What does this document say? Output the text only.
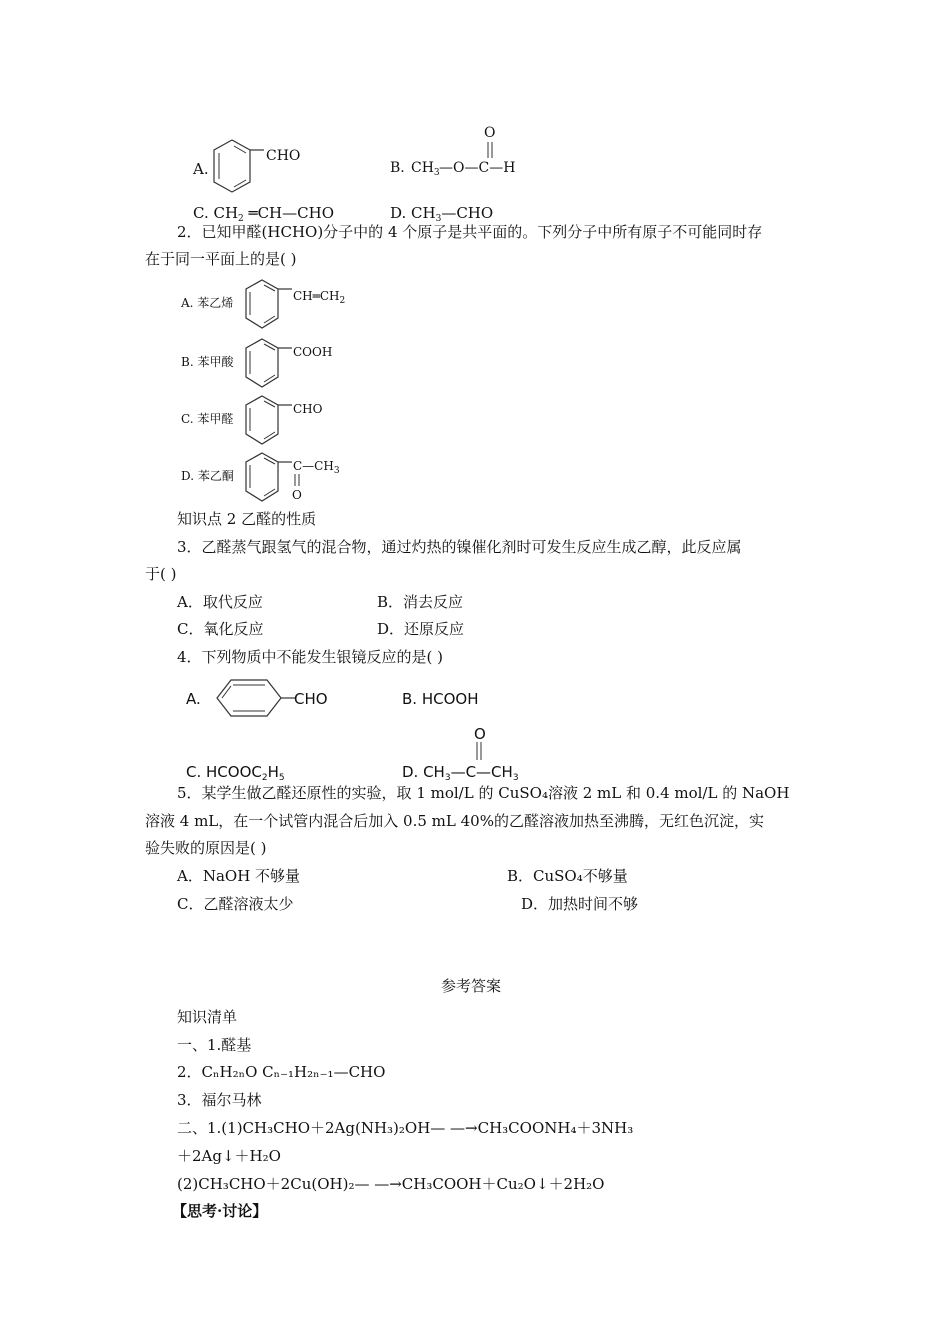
A.
CHO
B. $CH_3$ —O—C—H
O
C. $CH_2$ ═CH—CHO	D. $CH_3—CHO$
2．已知甲醛(HCHO)分子中的 4 个原子是共平面的。下列分子中所有原子不可能同时存
在于同一平面上的是( )
A. 苯乙烯	$CH═CH_2$
B. 苯甲酸
COOH
C. 苯甲醛
CHO
D. 苯乙酮
$C—CH_3$
O
知识点 2 乙醛的性质
3．乙醛蒸气跟氢气的混合物，通过灼热的镍催化剂时可发生反应生成乙醇，此反应属
于( )
A．取代反应	B．消去反应
C．氧化反应	D．还原反应
4．下列物质中不能发生银镜反应的是( )
A.	CHO	B. HCOOH
C. $HCOOC_2H_5$
O
D. $CH_3—C—CH_3$
5．某学生做乙醛还原性的实验，取 1 mol/L 的 CuSO₄溶液 2 mL 和 0.4 mol/L 的 NaOH
溶液 4 mL，在一个试管内混合后加入 0.5 mL 40%的乙醛溶液加热至沸腾，无红色沉淀，实
验失败的原因是( )
A．NaOH 不够量	B．CuSO₄不够量
C．乙醛溶液太少	D．加热时间不够
参考答案
知识清单
一、1.醛基
2．CₙH₂ₙO Cₙ₋₁H₂ₙ₋₁—CHO
3．福尔马林
二、1.(1)CH₃CHO＋2Ag(NH₃)₂OH— —→CH₃COONH₄＋3NH₃
＋2Ag↓＋H₂O
(2)CH₃CHO＋2Cu(OH)₂— —→CH₃COOH＋Cu₂O↓＋2H₂O
【思考·讨论】
